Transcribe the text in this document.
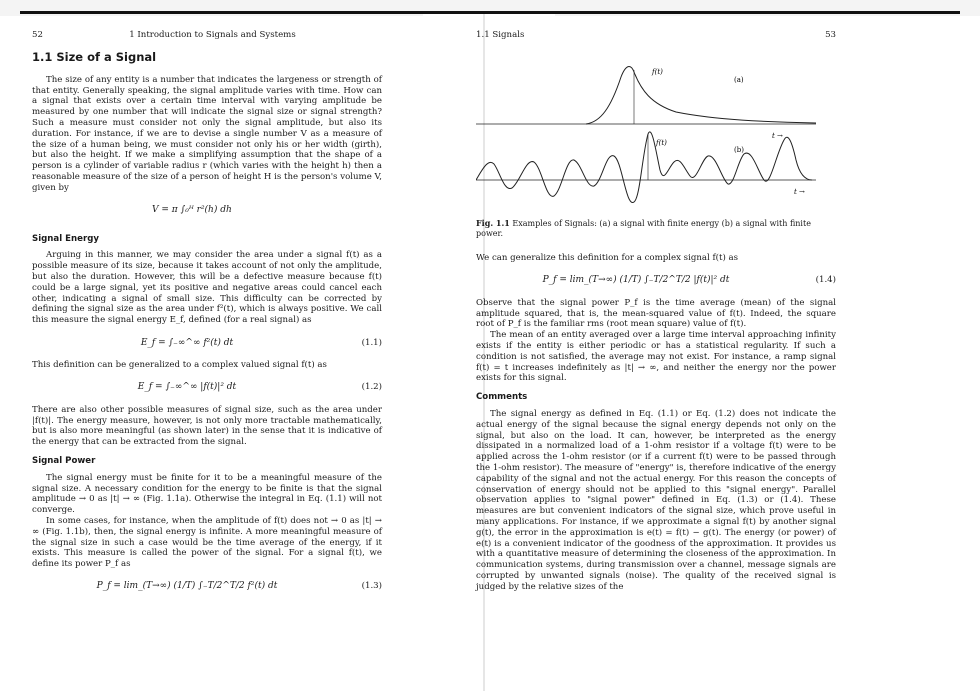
52	1 Introduction to Signals and Systems
1.1 Size of a Signal

The size of any entity is a number that indicates the largeness or strength of that entity. Generally speaking, the signal amplitude varies with time. How can a signal that exists over a certain time interval with varying amplitude be measured by one number that will indicate the signal size or signal strength? Such a measure must consider not only the signal amplitude, but also its duration. For instance, if we are to devise a single number V as a measure of the size of a human being, we must consider not only his or her width (girth), but also the height. If we make a simplifying assumption that the shape of a person is a cylinder of variable radius r (which varies with the height h) then a reasonable measure of the size of a person of height H is the person's volume V, given by

V = π ∫₀ᴴ r²(h) dh
Signal Energy

Arguing in this manner, we may consider the area under a signal f(t) as a possible measure of its size, because it takes account of not only the amplitude, but also the duration. However, this will be a defective measure because f(t) could be a large signal, yet its positive and negative areas could cancel each other, indicating a signal of small size. This difficulty can be corrected by defining the signal size as the area under f²(t), which is always positive. We call this measure the signal energy E_f, defined (for a real signal) as

E_f = ∫₋∞^∞ f²(t) dt	(1.1)

This definition can be generalized to a complex valued signal f(t) as

E_f = ∫₋∞^∞ |f(t)|² dt	(1.2)

There are also other possible measures of signal size, such as the area under |f(t)|. The energy measure, however, is not only more tractable mathematically, but is also more meaningful (as shown later) in the sense that it is indicative of the energy that can be extracted from the signal.

Signal Power

The signal energy must be finite for it to be a meaningful measure of the signal size. A necessary condition for the energy to be finite is that the signal amplitude → 0 as |t| → ∞ (Fig. 1.1a). Otherwise the integral in Eq. (1.1) will not converge.

In some cases, for instance, when the amplitude of f(t) does not → 0 as |t| → ∞ (Fig. 1.1b), then, the signal energy is infinite. A more meaningful measure of the signal size in such a case would be the time average of the energy, if it exists. This measure is called the power of the signal. For a signal f(t), we define its power P_f as

P_f = lim_(T→∞) (1/T) ∫₋T/2^T/2 f²(t) dt	(1.3)
1.1 Signals	53
f(t)
(a)
t →
f(t)
(b)
t →
Fig. 1.1 Examples of Signals: (a) a signal with finite energy (b) a signal with finite power.

We can generalize this definition for a complex signal f(t) as

P_f = lim_(T→∞) (1/T) ∫₋T/2^T/2 |f(t)|² dt	(1.4)

Observe that the signal power P_f is the time average (mean) of the signal amplitude squared, that is, the mean-squared value of f(t). Indeed, the square root of P_f is the familiar rms (root mean square) value of f(t).

The mean of an entity averaged over a large time interval approaching infinity exists if the entity is either periodic or has a statistical regularity. If such a condition is not satisfied, the average may not exist. For instance, a ramp signal f(t) = t increases indefinitely as |t| → ∞, and neither the energy nor the power exists for this signal.

Comments

The signal energy as defined in Eq. (1.1) or Eq. (1.2) does not indicate the actual energy of the signal because the signal energy depends not only on the signal, but also on the load. It can, however, be interpreted as the energy dissipated in a normalized load of a 1-ohm resistor if a voltage f(t) were to be applied across the 1-ohm resistor (or if a current f(t) were to be passed through the 1-ohm resistor). The measure of "energy" is, therefore indicative of the energy capability of the signal and not the actual energy. For this reason the concepts of conservation of energy should not be applied to this "signal energy". Parallel observation applies to "signal power" defined in Eq. (1.3) or (1.4). These measures are but convenient indicators of the signal size, which prove useful in many applications. For instance, if we approximate a signal f(t) by another signal g(t), the error in the approximation is e(t) = f(t) − g(t). The energy (or power) of e(t) is a convenient indicator of the goodness of the approximation. It provides us with a quantitative measure of determining the closeness of the approximation. In communication systems, during transmission over a channel, message signals are corrupted by unwanted signals (noise). The quality of the received signal is judged by the relative sizes of the
